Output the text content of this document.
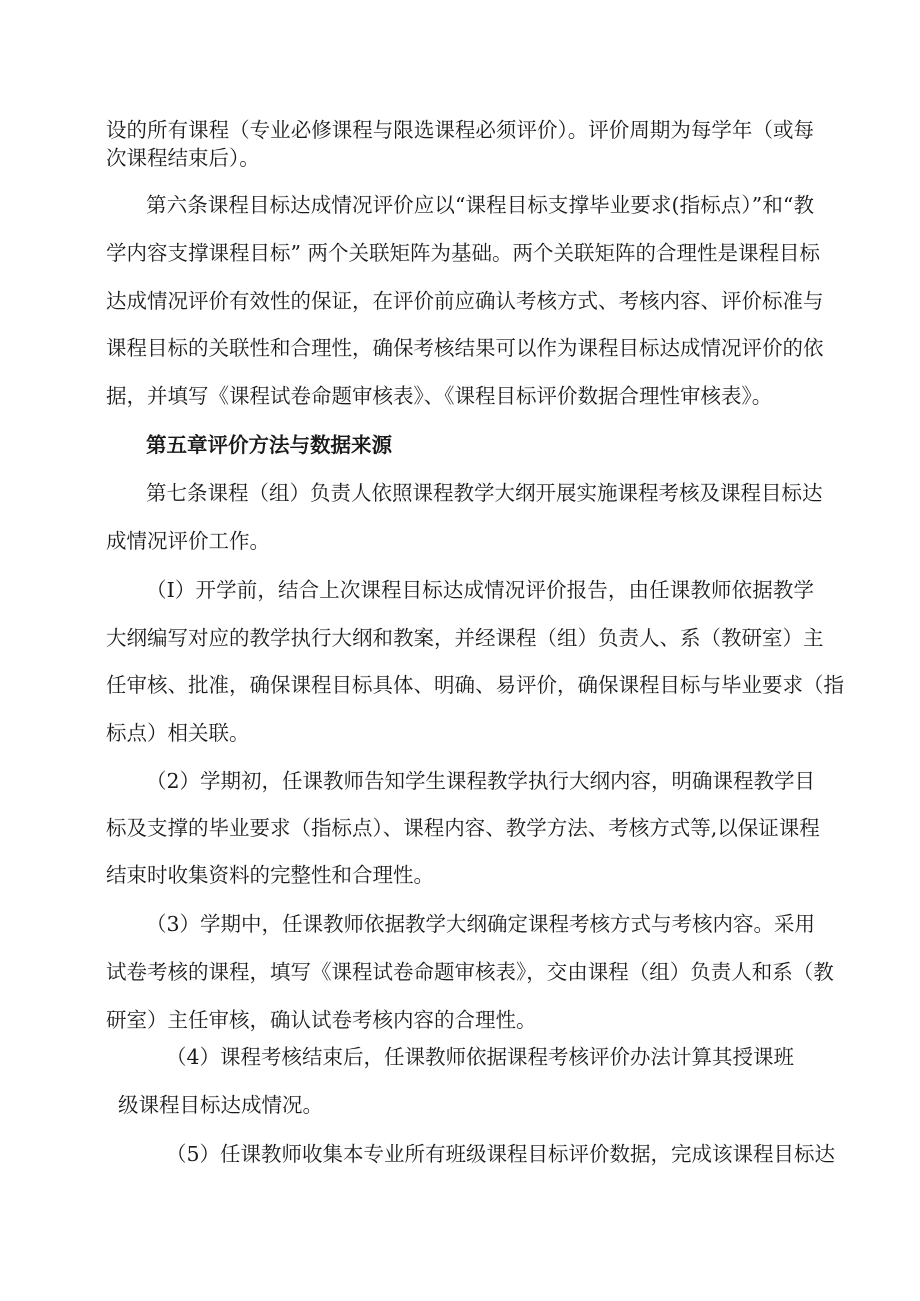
设的所有课程（专业必修课程与限选课程必须评价）。评价周期为每学年（或每
次课程结束后）。
第六条课程目标达成情况评价应以“课程目标支撑毕业要求(指标点）”和“教
学内容支撑课程目标” 两个关联矩阵为基础。两个关联矩阵的合理性是课程目标
达成情况评价有效性的保证，在评价前应确认考核方式、考核内容、评价标准与
课程目标的关联性和合理性，确保考核结果可以作为课程目标达成情况评价的依
据，并填写《课程试卷命题审核表》、《课程目标评价数据合理性审核表》。
第五章评价方法与数据来源
第七条课程（组）负责人依照课程教学大纲开展实施课程考核及课程目标达
成情况评价工作。
（I）开学前，结合上次课程目标达成情况评价报告，由任课教师依据教学
大纲编写对应的教学执行大纲和教案，并经课程（组）负责人、系（教研室）主
任审核、批准，确保课程目标具体、明确、易评价，确保课程目标与毕业要求（指
标点）相关联。
（2）学期初，任课教师告知学生课程教学执行大纲内容，明确课程教学目
标及支撑的毕业要求（指标点）、课程内容、教学方法、考核方式等,以保证课程
结束时收集资料的完整性和合理性。
（3）学期中，任课教师依据教学大纲确定课程考核方式与考核内容。采用
试卷考核的课程，填写《课程试卷命题审核表》，交由课程（组）负责人和系（教
研室）主任审核，确认试卷考核内容的合理性。
（4）课程考核结束后，任课教师依据课程考核评价办法计算其授课班
级课程目标达成情况。
（5）任课教师收集本专业所有班级课程目标评价数据，完成该课程目标达
